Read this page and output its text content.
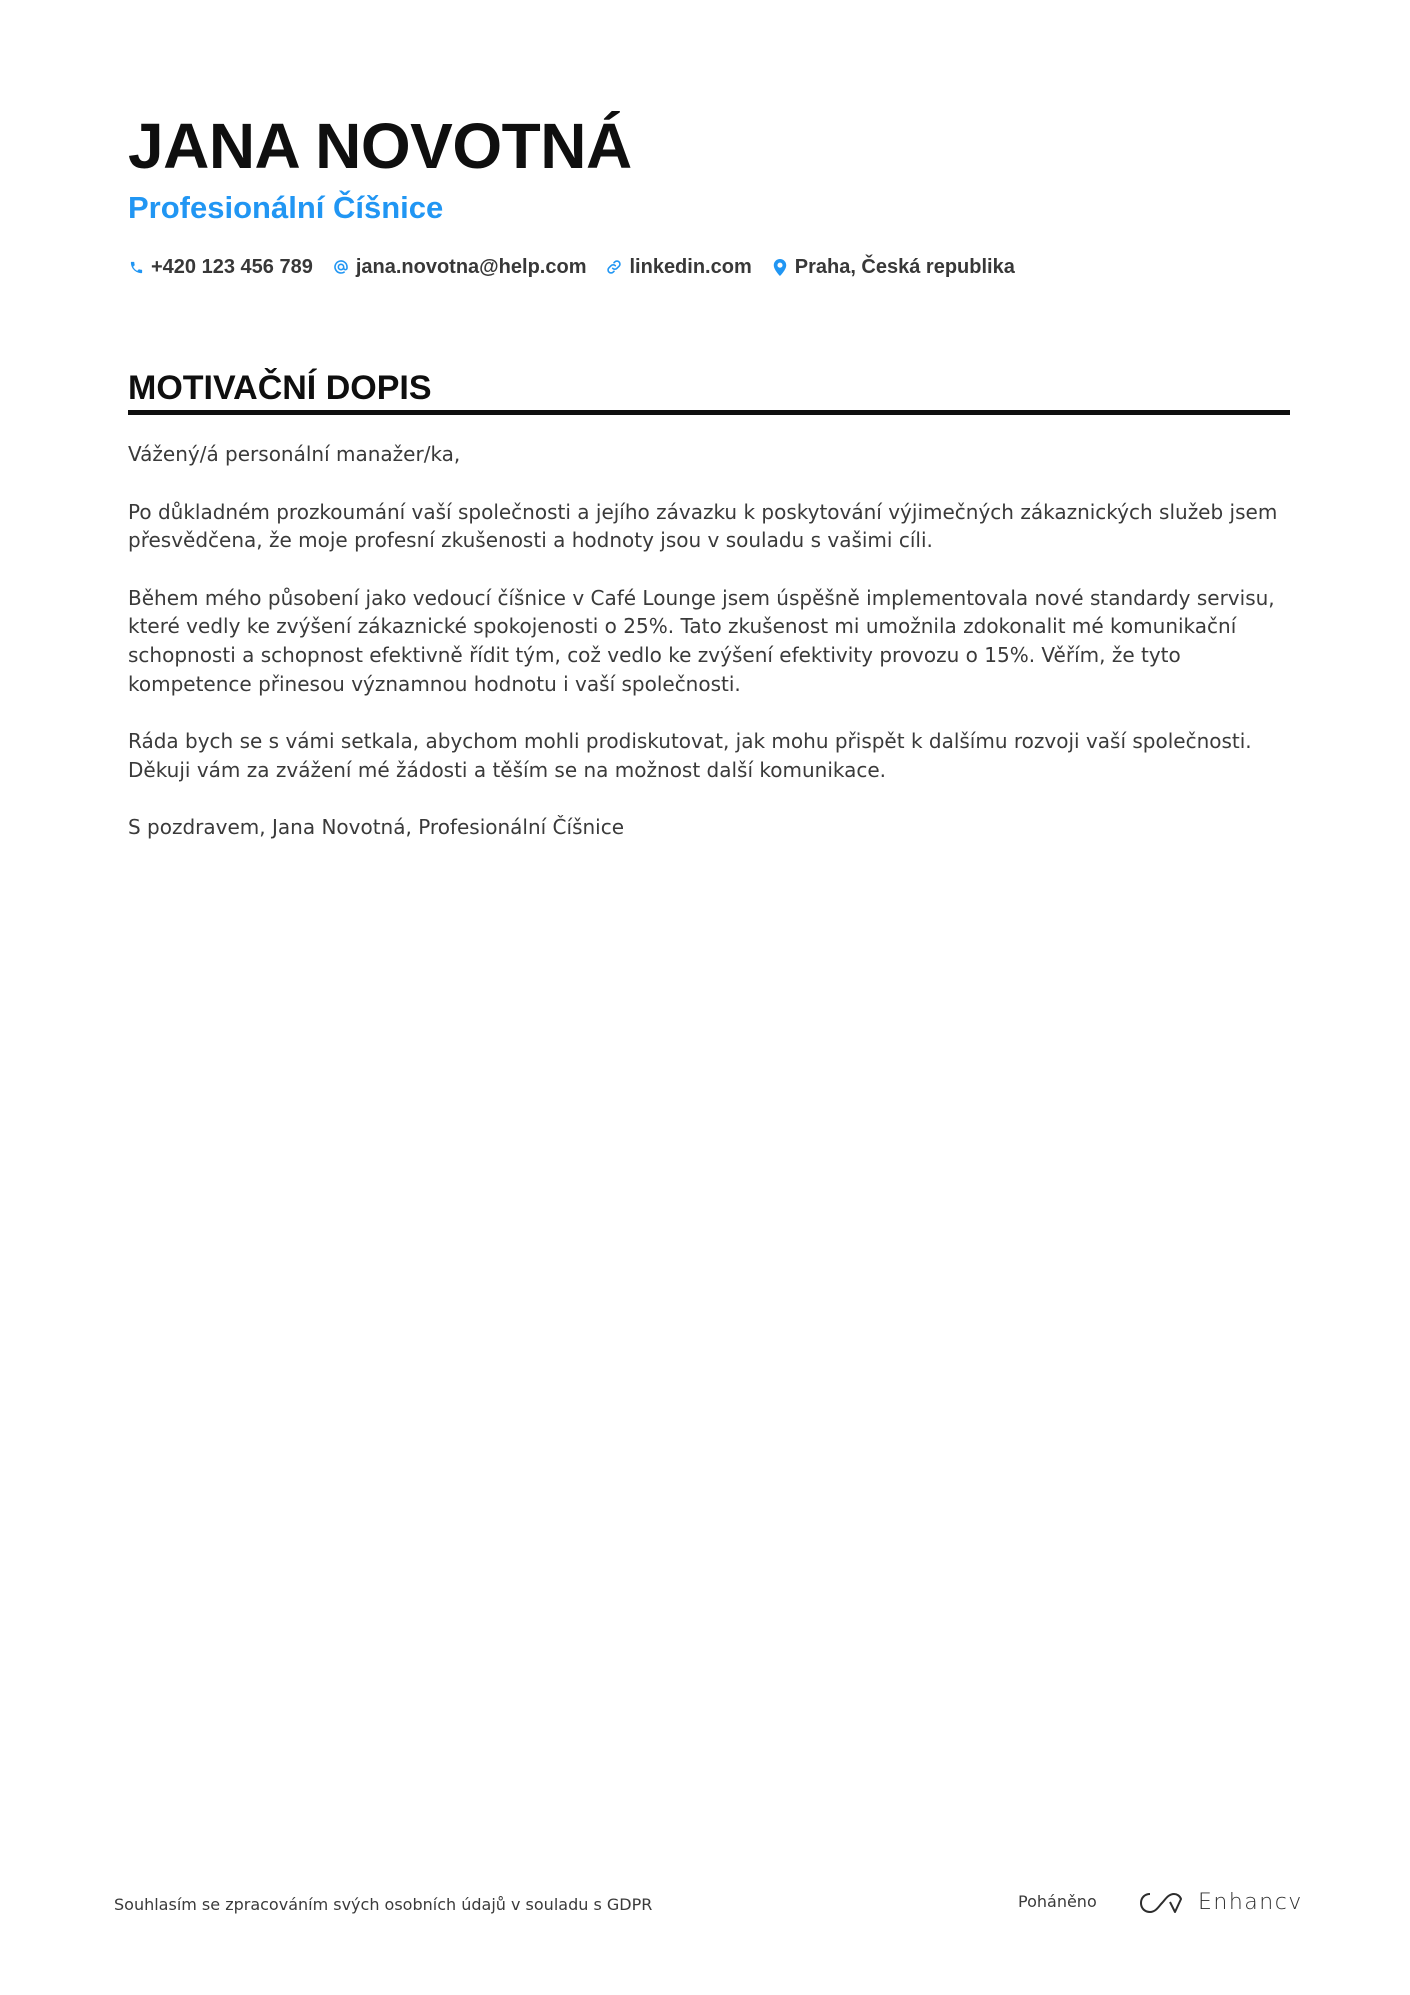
JANA NOVOTNÁ
Profesionální Číšnice
+420 123 456 789 jana.novotna@help.com linkedin.com Praha, Česká republika
MOTIVAČNÍ DOPIS

Vážený/á personální manažer/ka,

Po důkladném prozkoumání vaší společnosti a jejího závazku k poskytování výjimečných zákaznických služeb jsem přesvědčena, že moje profesní zkušenosti a hodnoty jsou v souladu s vašimi cíli.

Během mého působení jako vedoucí číšnice v Café Lounge jsem úspěšně implementovala nové standardy servisu, které vedly ke zvýšení zákaznické spokojenosti o 25%. Tato zkušenost mi umožnila zdokonalit mé komunikační schopnosti a schopnost efektivně řídit tým, což vedlo ke zvýšení efektivity provozu o 15%. Věřím, že tyto kompetence přinesou významnou hodnotu i vaší společnosti.

Ráda bych se s vámi setkala, abychom mohli prodiskutovat, jak mohu přispět k dalšímu rozvoji vaší společnosti. Děkuji vám za zvážení mé žádosti a těším se na možnost další komunikace.

S pozdravem, Jana Novotná, Profesionální Číšnice

Souhlasím se zpracováním svých osobních údajů v souladu s GDPR	Poháněno	Enhancv
